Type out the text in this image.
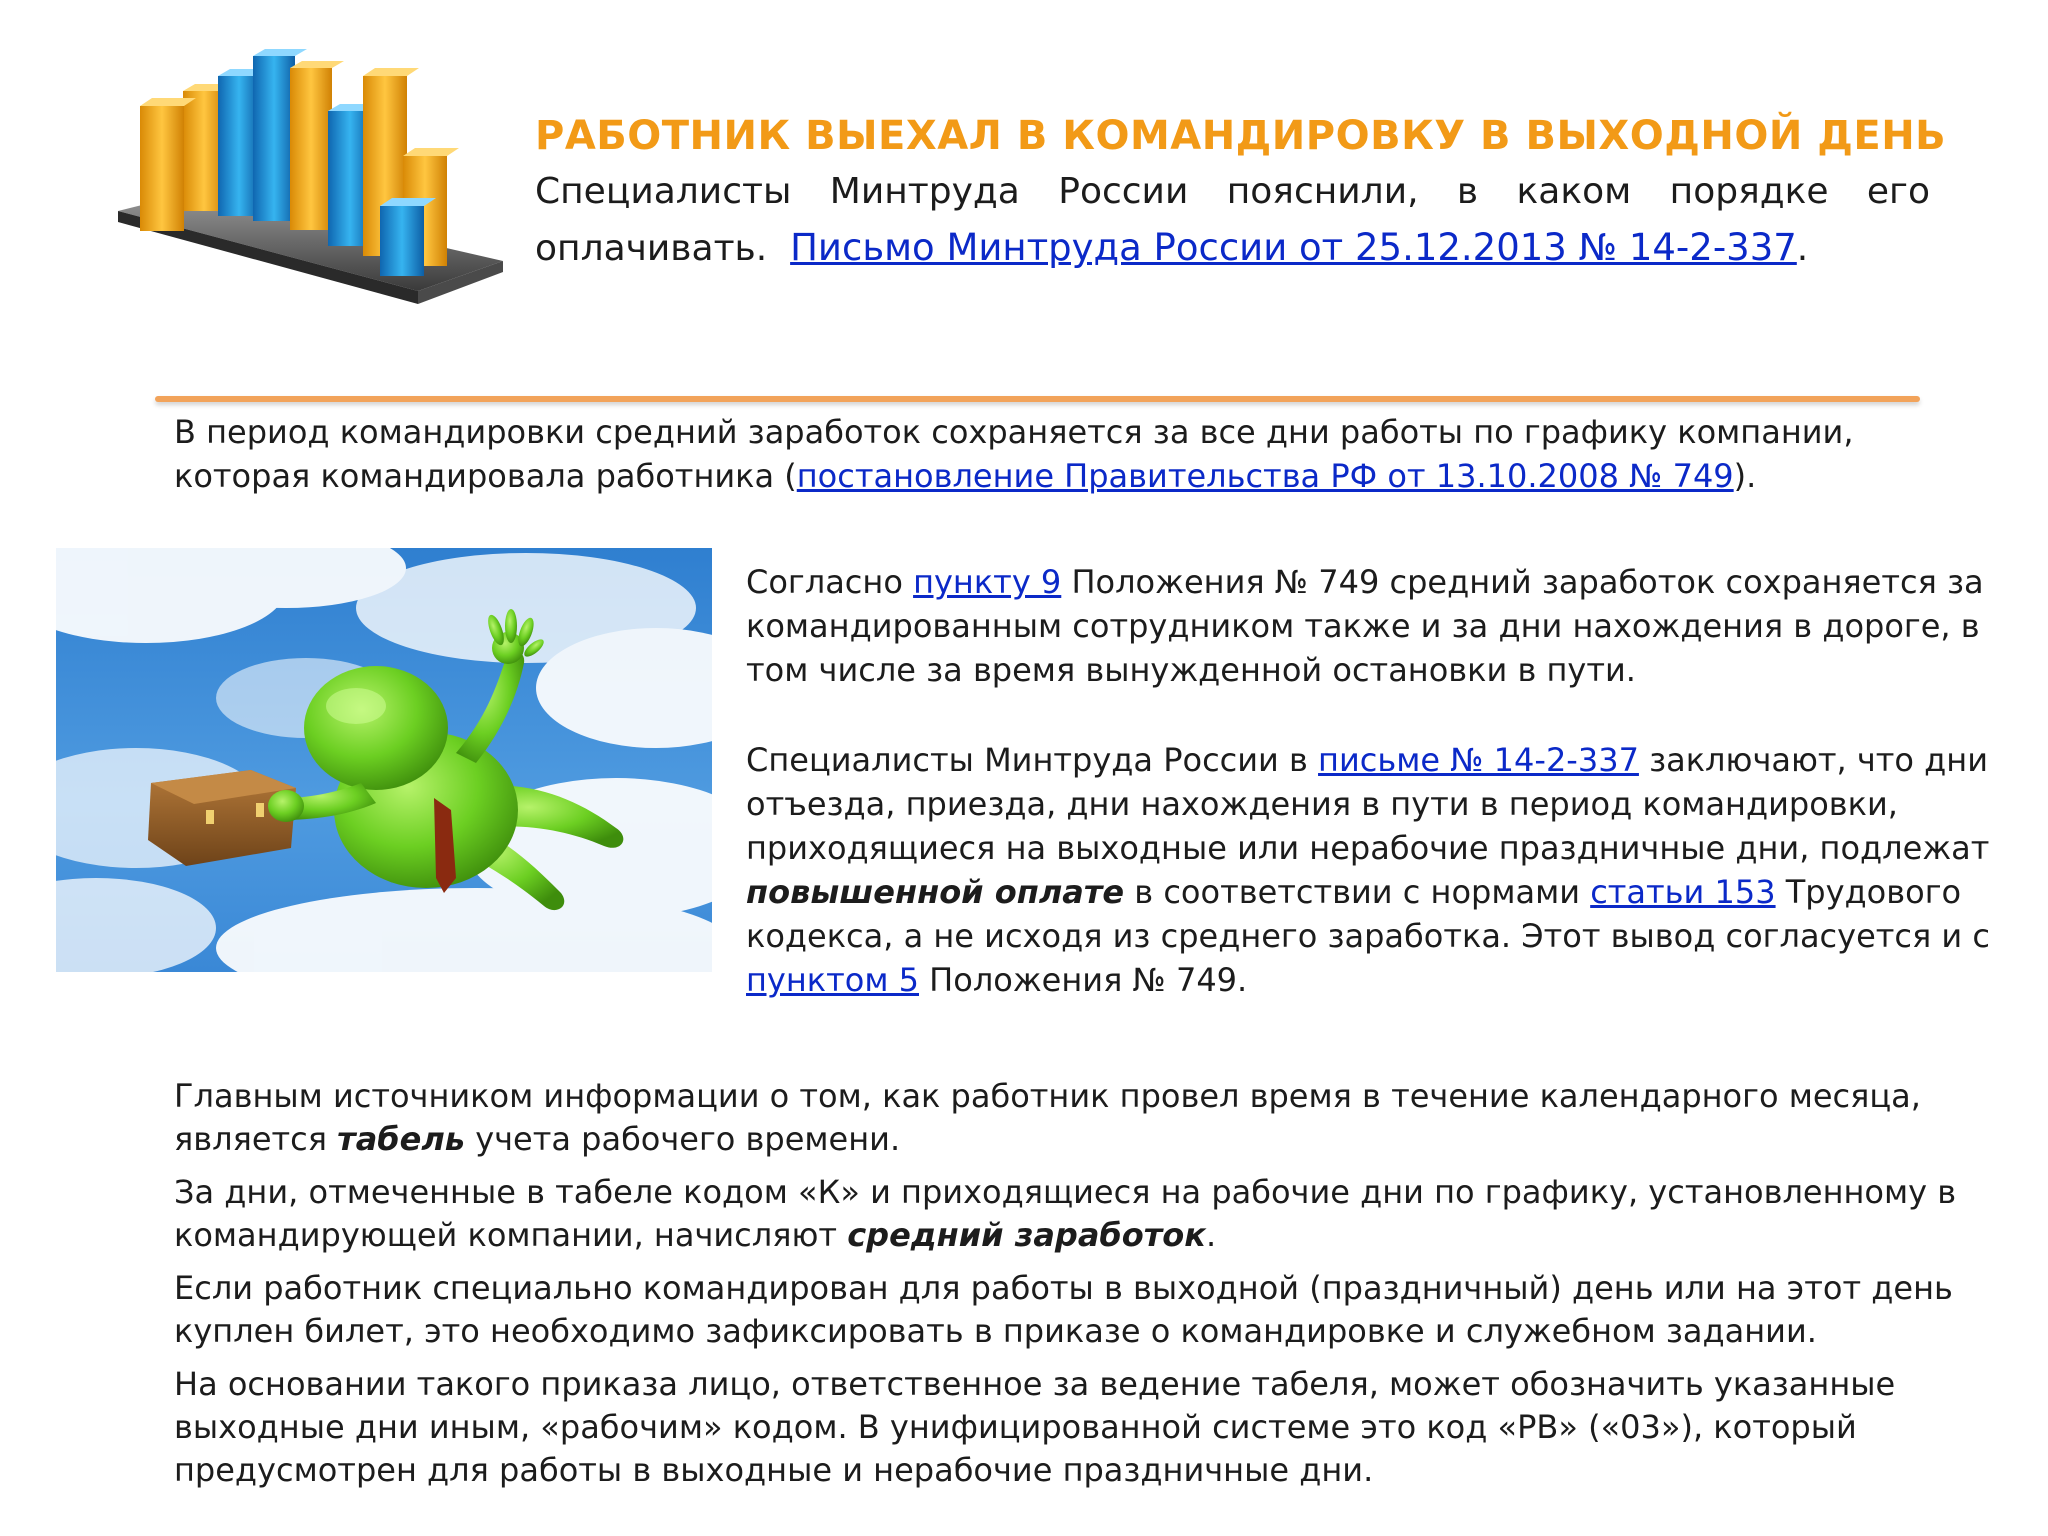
РАБОТНИК ВЫЕХАЛ В КОМАНДИРОВКУ В ВЫХОДНОЙ ДЕНЬ
Специалисты Минтруда России пояснили, в каком порядке его
оплачивать. Письмо Минтруда России от 25.12.2013 № 14-2-337.
В период командировки средний заработок сохраняется за все дни работы по графику компании, которая командировала работника (постановление Правительства РФ от 13.10.2008 № 749).

Согласно пункту 9 Положения № 749 средний заработок сохраняется за командированным сотрудником также и за дни нахождения в дороге, в том числе за время вынужденной остановки в пути.

Специалисты Минтруда России в письме № 14-2-337 заключают, что дни отъезда, приезда, дни нахождения в пути в период командировки, приходящиеся на выходные или нерабочие праздничные дни, подлежат повышенной оплате в соответствии с нормами статьи 153 Трудового кодекса, а не исходя из среднего заработка. Этот вывод согласуется и с пунктом 5 Положения № 749.

Главным источником информации о том, как работник провел время в течение календарного месяца, является табель учета рабочего времени.

За дни, отмеченные в табеле кодом «К» и приходящиеся на рабочие дни по графику, установленному в командирующей компании, начисляют средний заработок.

Если работник специально командирован для работы в выходной (праздничный) день или на этот день куплен билет, это необходимо зафиксировать в приказе о командировке и служебном задании.

На основании такого приказа лицо, ответственное за ведение табеля, может обозначить указанные выходные дни иным, «рабочим» кодом. В унифицированной системе это код «РВ» («03»), который предусмотрен для работы в выходные и нерабочие праздничные дни.
